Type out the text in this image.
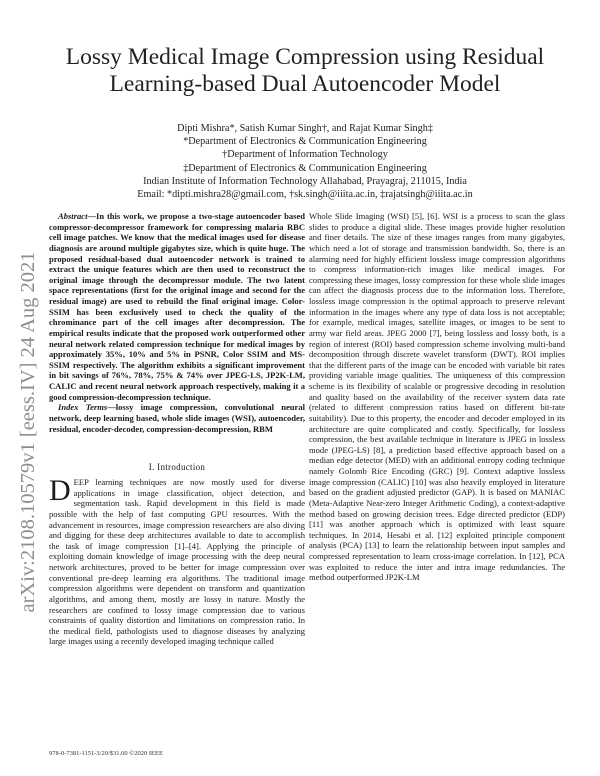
Lossy Medical Image Compression using Residual
Learning-based Dual Autoencoder Model
Dipti Mishra*, Satish Kumar Singh†, and Rajat Kumar Singh‡
*Department of Electronics & Communication Engineering
†Department of Information Technology
‡Department of Electronics & Communication Engineering
Indian Institute of Information Technology Allahabad, Prayagraj, 211015, India
Email: *dipti.mishra28@gmail.com, †sk.singh@iiita.ac.in, ‡rajatsingh@iiita.ac.in
arXiv:2108.10579v1 [eess.IV] 24 Aug 2021

Abstract—In this work, we propose a two-stage autoencoder based compressor-decompressor framework for compressing malaria RBC cell image patches. We know that the medical images used for disease diagnosis are around multiple gigabytes size, which is quite huge. The proposed residual-based dual autoencoder network is trained to extract the unique features which are then used to reconstruct the original image through the decompressor module. The two latent space representations (first for the original image and second for the residual image) are used to rebuild the final original image. Color-SSIM has been exclusively used to check the quality of the chrominance part of the cell images after decompression. The empirical results indicate that the proposed work outperformed other neural network related compression technique for medical images by approximately 35%, 10% and 5% in PSNR, Color SSIM and MS-SSIM respectively. The algorithm exhibits a significant improvement in bit savings of 76%, 78%, 75% & 74% over JPEG-LS, JP2K-LM, CALIC and recent neural network approach respectively, making it a good compression-decompression technique.

Index Terms—lossy image compression, convolutional neural network, deep learning based, whole slide images (WSI), autoencoder, residual, encoder-decoder, compression-decompression, RBM

I. Introduction
DEEP learning techniques are now mostly used for diverse applications in image classification, object detection, and segmentation task. Rapid development in this field is made possible with the help of fast computing GPU resources. With the advancement in resources, image compression researchers are also diving and digging for these deep architectures available to date to accomplish the task of image compression [1]–[4]. Applying the principle of exploiting domain knowledge of image processing with the deep neural network architectures, proved to be better for image compression over conventional pre-deep learning era algorithms. The traditional image compression algorithms were dependent on transform and quantization algorithms, and among them, mostly are lossy in nature. Mostly the researchers are confined to lossy image compression due to various constraints of quality distortion and limitations on compression ratio. In the medical field, pathologists used to diagnose diseases by analyzing large images using a recently developed imaging technique called

Whole Slide Imaging (WSI) [5], [6]. WSI is a process to scan the glass slides to produce a digital slide. These images provide higher resolution and finer details. The size of these images ranges from many gigabytes, which need a lot of storage and transmission bandwidth. So, there is an alarming need for highly efficient lossless image compression algorithms to compress information-rich images like medical images. For compressing these images, lossy compression for these whole slide images can affect the diagnosis process due to the information loss. Therefore, lossless image compression is the optimal approach to preserve relevant information in the images where any type of data loss is not acceptable; for example, medical images, satellite images, or images to be sent to army war field areas. JPEG 2000 [7], being lossless and lossy both, is a region of interest (ROI) based compression scheme involving multi-band decomposition through discrete wavelet transform (DWT). ROI implies that the different parts of the image can be encoded with variable bit rates providing variable image qualities. The uniqueness of this compression scheme is its flexibility of scalable or progressive decoding in resolution and quality based on the availability of the receiver system data rate (related to different compression ratios based on different bit-rate suitability). Due to this property, the encoder and decoder employed in its architecture are quite complicated and costly. Specifically, for lossless compression, the best available technique in literature is JPEG in lossless mode (JPEG-LS) [8], a prediction based effective approach based on a median edge detector (MED) with an additional entropy coding technique namely Golomb Rice Encoding (GRC) [9]. Context adaptive lossless image compression (CALIC) [10] was also heavily employed in literature based on the gradient adjusted predictor (GAP). It is based on MANIAC (Meta-Adaptive Near-zero Integer Arithmetic Coding), a context-adaptive method based on growing decision trees. Edge directed predictor (EDP) [11] was another approach which is optimized with least square techniques. In 2014, Hesabi et al. [12] exploited principle component analysis (PCA) [13] to learn the relationship between input samples and compressed representation to learn cross-image correlation. In [12], PCA was exploited to reduce the inter and intra image redundancies. The method outperformed JP2K-LM

978-0-7381-1151-3/20/$31.00 ©2020 IEEE
